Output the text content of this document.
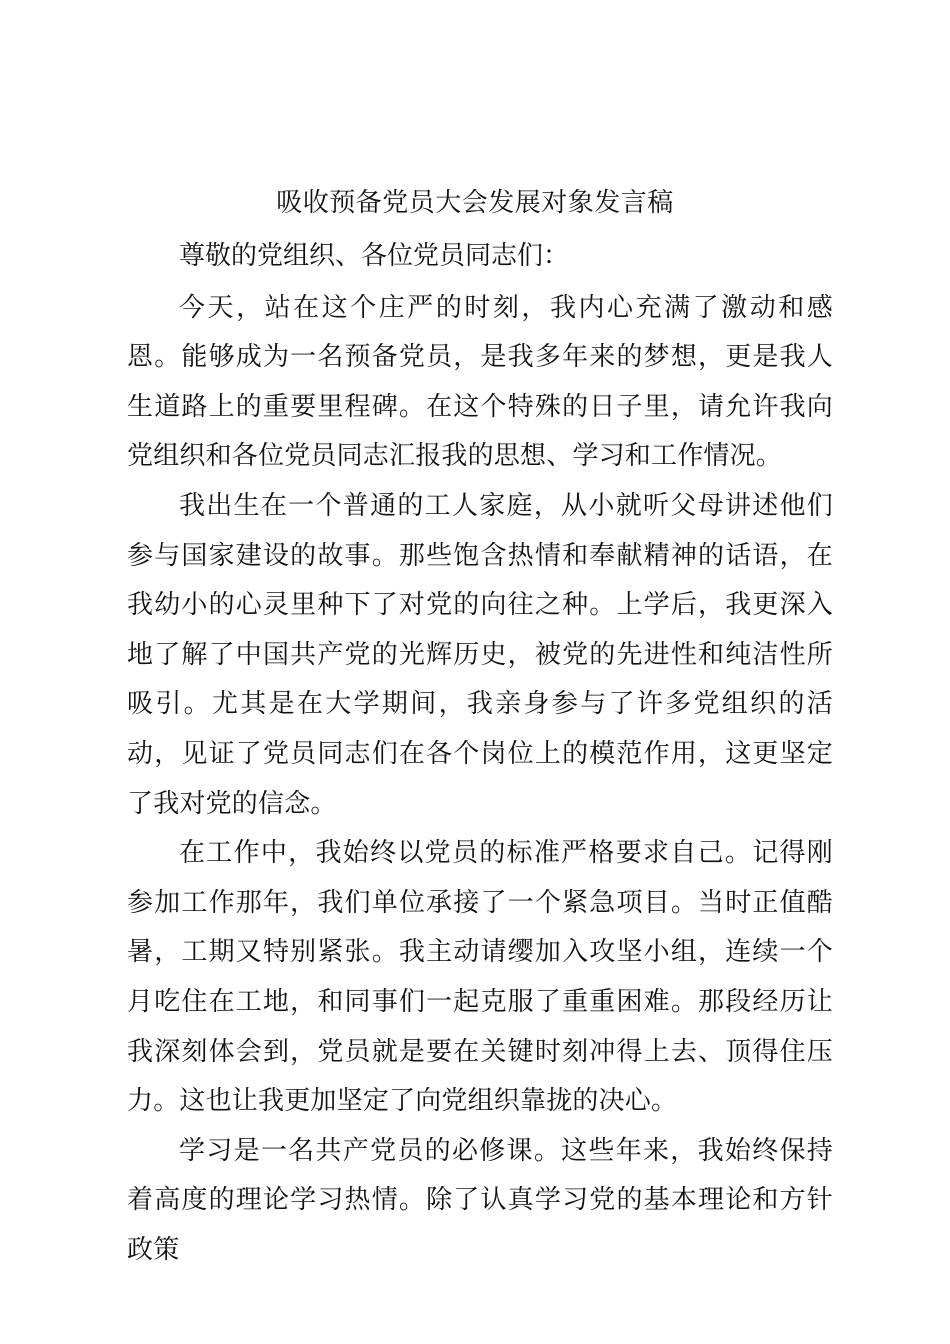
吸收预备党员大会发展对象发言稿

尊敬的党组织、各位党员同志们：

今天，站在这个庄严的时刻，我内心充满了激动和感恩。能够成为一名预备党员，是我多年来的梦想，更是我人生道路上的重要里程碑。在这个特殊的日子里，请允许我向党组织和各位党员同志汇报我的思想、学习和工作情况。

我出生在一个普通的工人家庭，从小就听父母讲述他们参与国家建设的故事。那些饱含热情和奉献精神的话语，在我幼小的心灵里种下了对党的向往之种。上学后，我更深入地了解了中国共产党的光辉历史，被党的先进性和纯洁性所吸引。尤其是在大学期间，我亲身参与了许多党组织的活动，见证了党员同志们在各个岗位上的模范作用，这更坚定了我对党的信念。

在工作中，我始终以党员的标准严格要求自己。记得刚参加工作那年，我们单位承接了一个紧急项目。当时正值酷暑，工期又特别紧张。我主动请缨加入攻坚小组，连续一个月吃住在工地，和同事们一起克服了重重困难。那段经历让我深刻体会到，党员就是要在关键时刻冲得上去、顶得住压力。这也让我更加坚定了向党组织靠拢的决心。

学习是一名共产党员的必修课。这些年来，我始终保持着高度的理论学习热情。除了认真学习党的基本理论和方针政策
